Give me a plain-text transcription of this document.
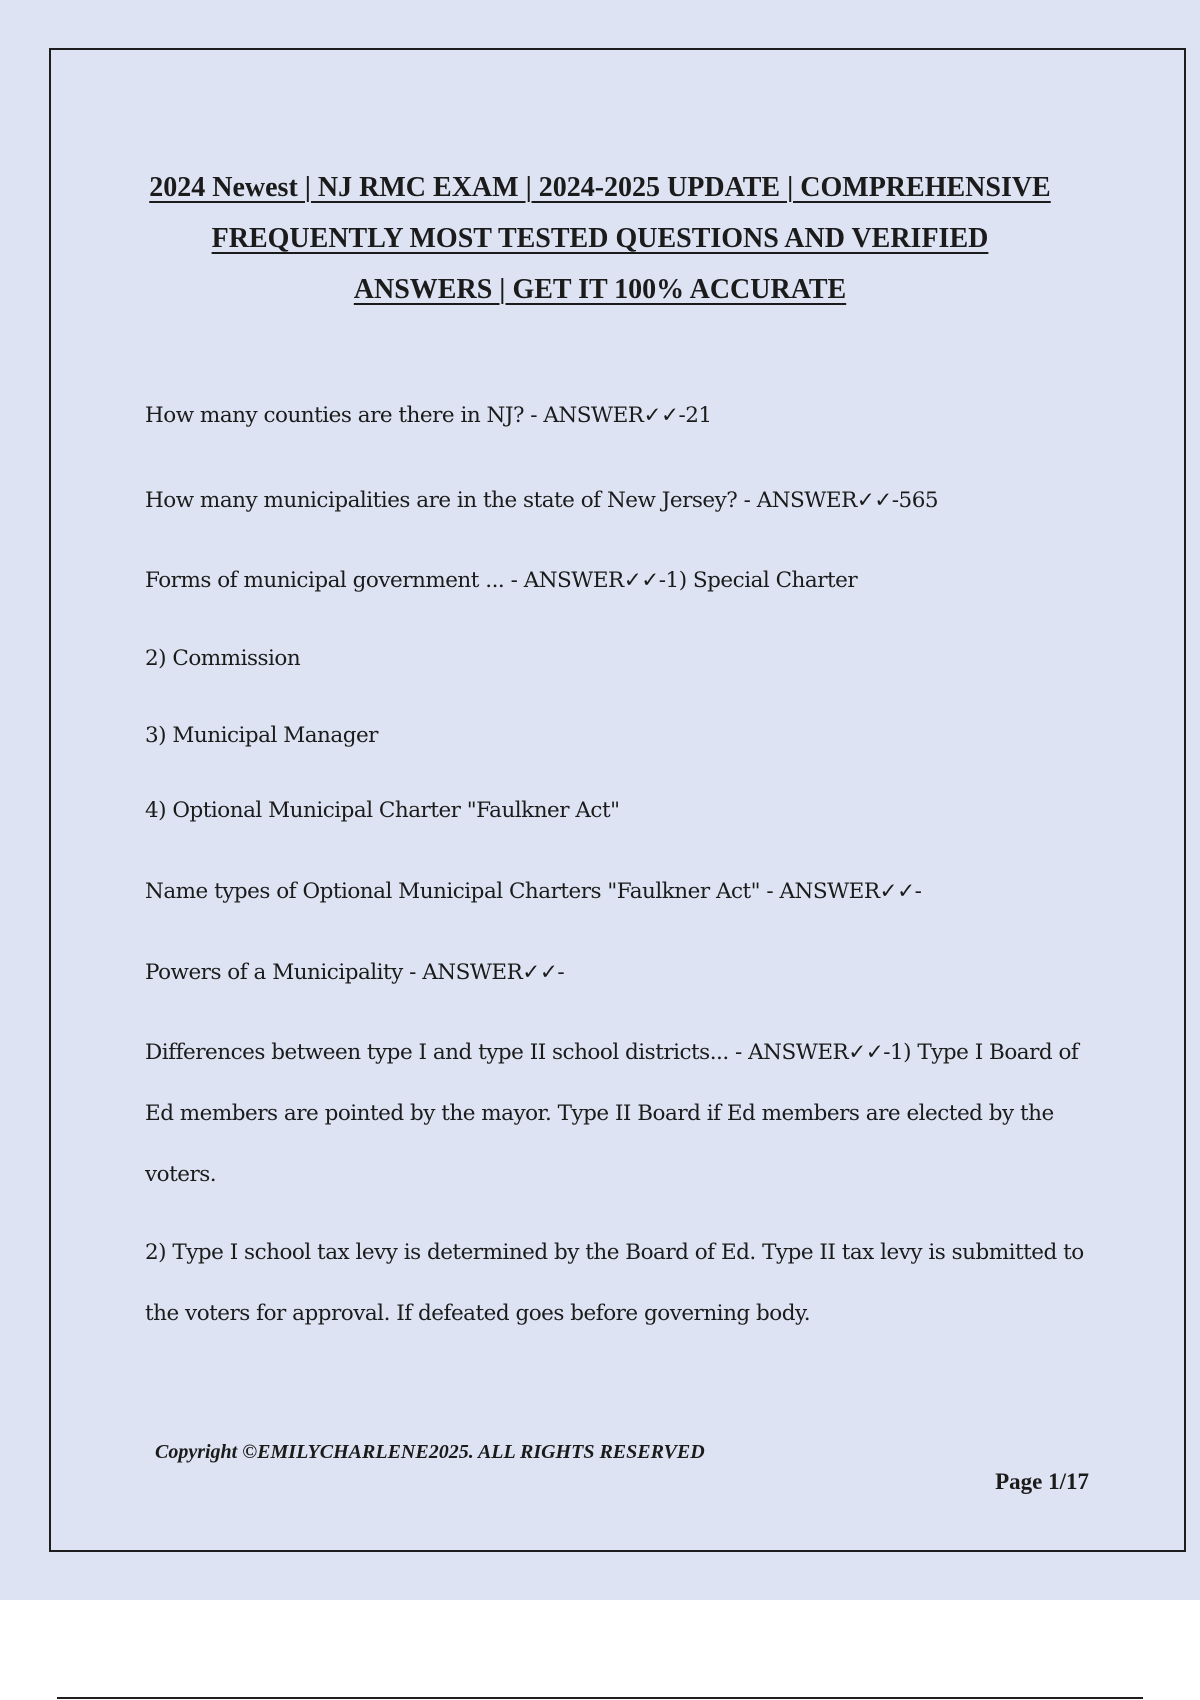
2024 Newest | NJ RMC EXAM | 2024-2025 UPDATE | COMPREHENSIVE
FREQUENTLY MOST TESTED QUESTIONS AND VERIFIED
ANSWERS | GET IT 100% ACCURATE

How many counties are there in NJ? - ANSWER✓✓-21

How many municipalities are in the state of New Jersey? - ANSWER✓✓-565

Forms of municipal government ... - ANSWER✓✓-1) Special Charter

2) Commission

3) Municipal Manager

4) Optional Municipal Charter "Faulkner Act"

Name types of Optional Municipal Charters "Faulkner Act" - ANSWER✓✓-

Powers of a Municipality - ANSWER✓✓-

Differences between type I and type II school districts... - ANSWER✓✓-1) Type I Board of Ed members are pointed by the mayor. Type II Board if Ed members are elected by the voters.

2) Type I school tax levy is determined by the Board of Ed. Type II tax levy is submitted to the voters for approval. If defeated goes before governing body.

Copyright ©EMILYCHARLENE2025. ALL RIGHTS RESERVED
Page 1/17
